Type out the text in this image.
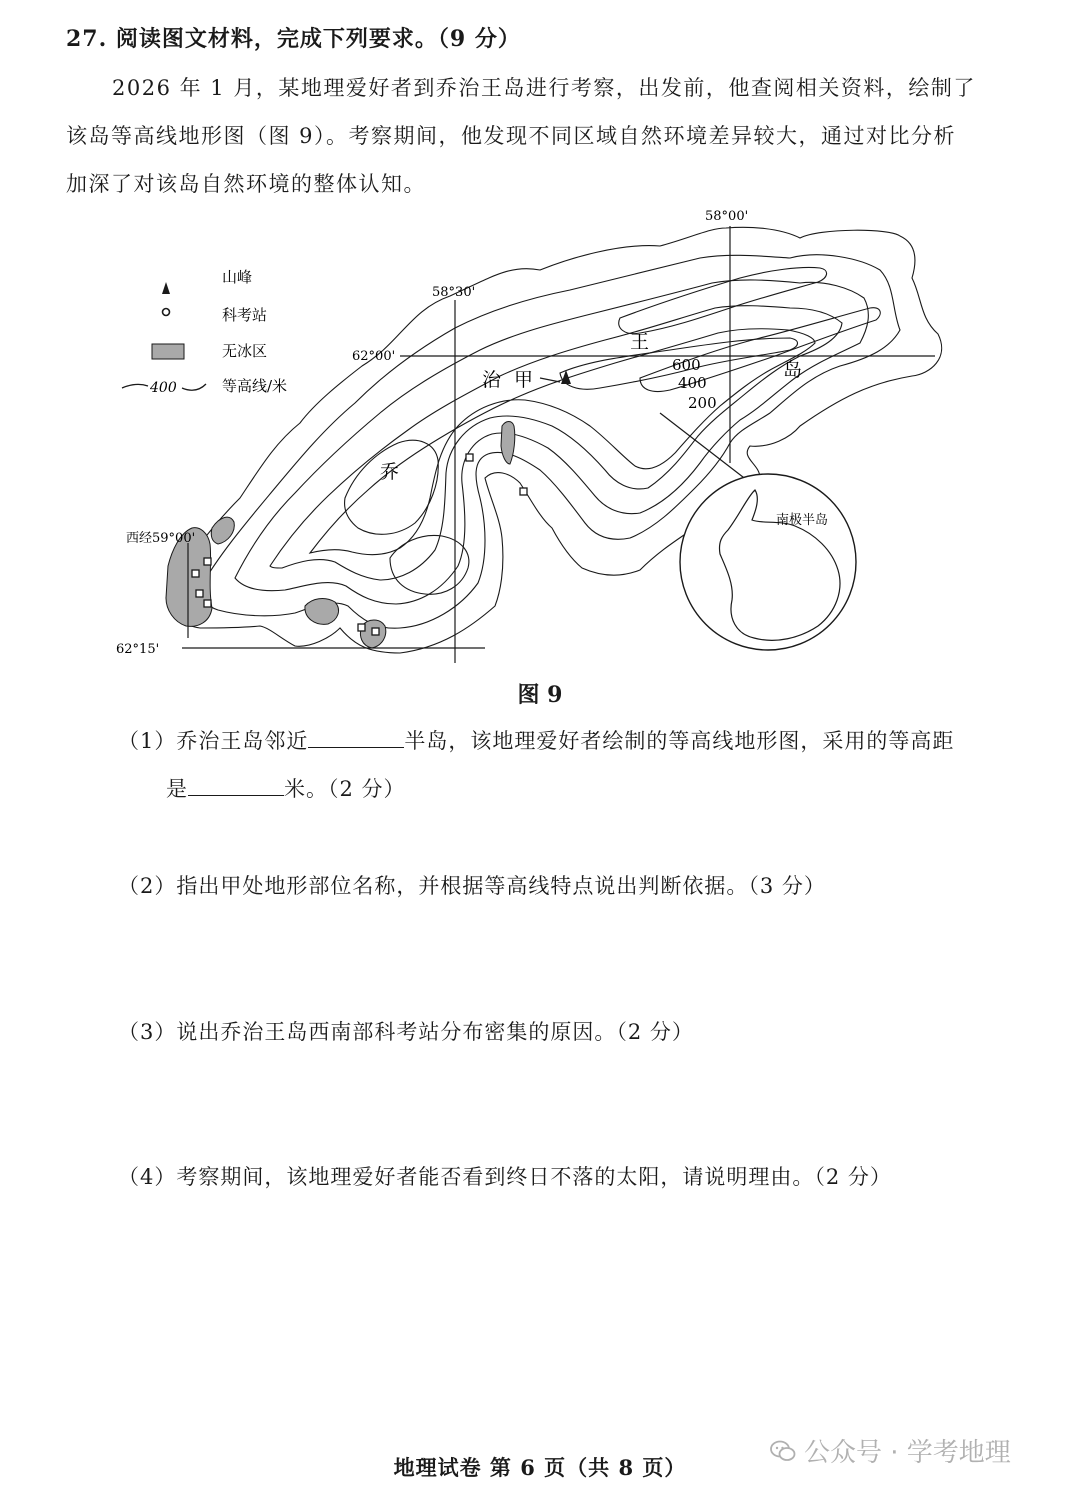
27. 阅读图文材料，完成下列要求。（9 分）
2026 年 1 月，某地理爱好者到乔治王岛进行考察，出发前，他查阅相关资料，绘制了
该岛等高线地形图（图 9）。考察期间，他发现不同区域自然环境差异较大，通过对比分析
加深了对该岛自然环境的整体认知。
山峰
科考站
无冰区
400	等高线/米
58°00'
58°30'
62°00'
西经59°00'
62°15'
乔
治 甲
王
岛
600
400
200
南极半岛
图 9
（1）乔治王岛邻近	半岛，该地理爱好者绘制的等高线地形图，采用的等高距
是	米。（2 分）
（2）指出甲处地形部位名称，并根据等高线特点说出判断依据。（3 分）
（3）说出乔治王岛西南部科考站分布密集的原因。（2 分）
（4）考察期间，该地理爱好者能否看到终日不落的太阳，请说明理由。（2 分）
公众号 · 学考地理
地理试卷 第 6 页（共 8 页）
